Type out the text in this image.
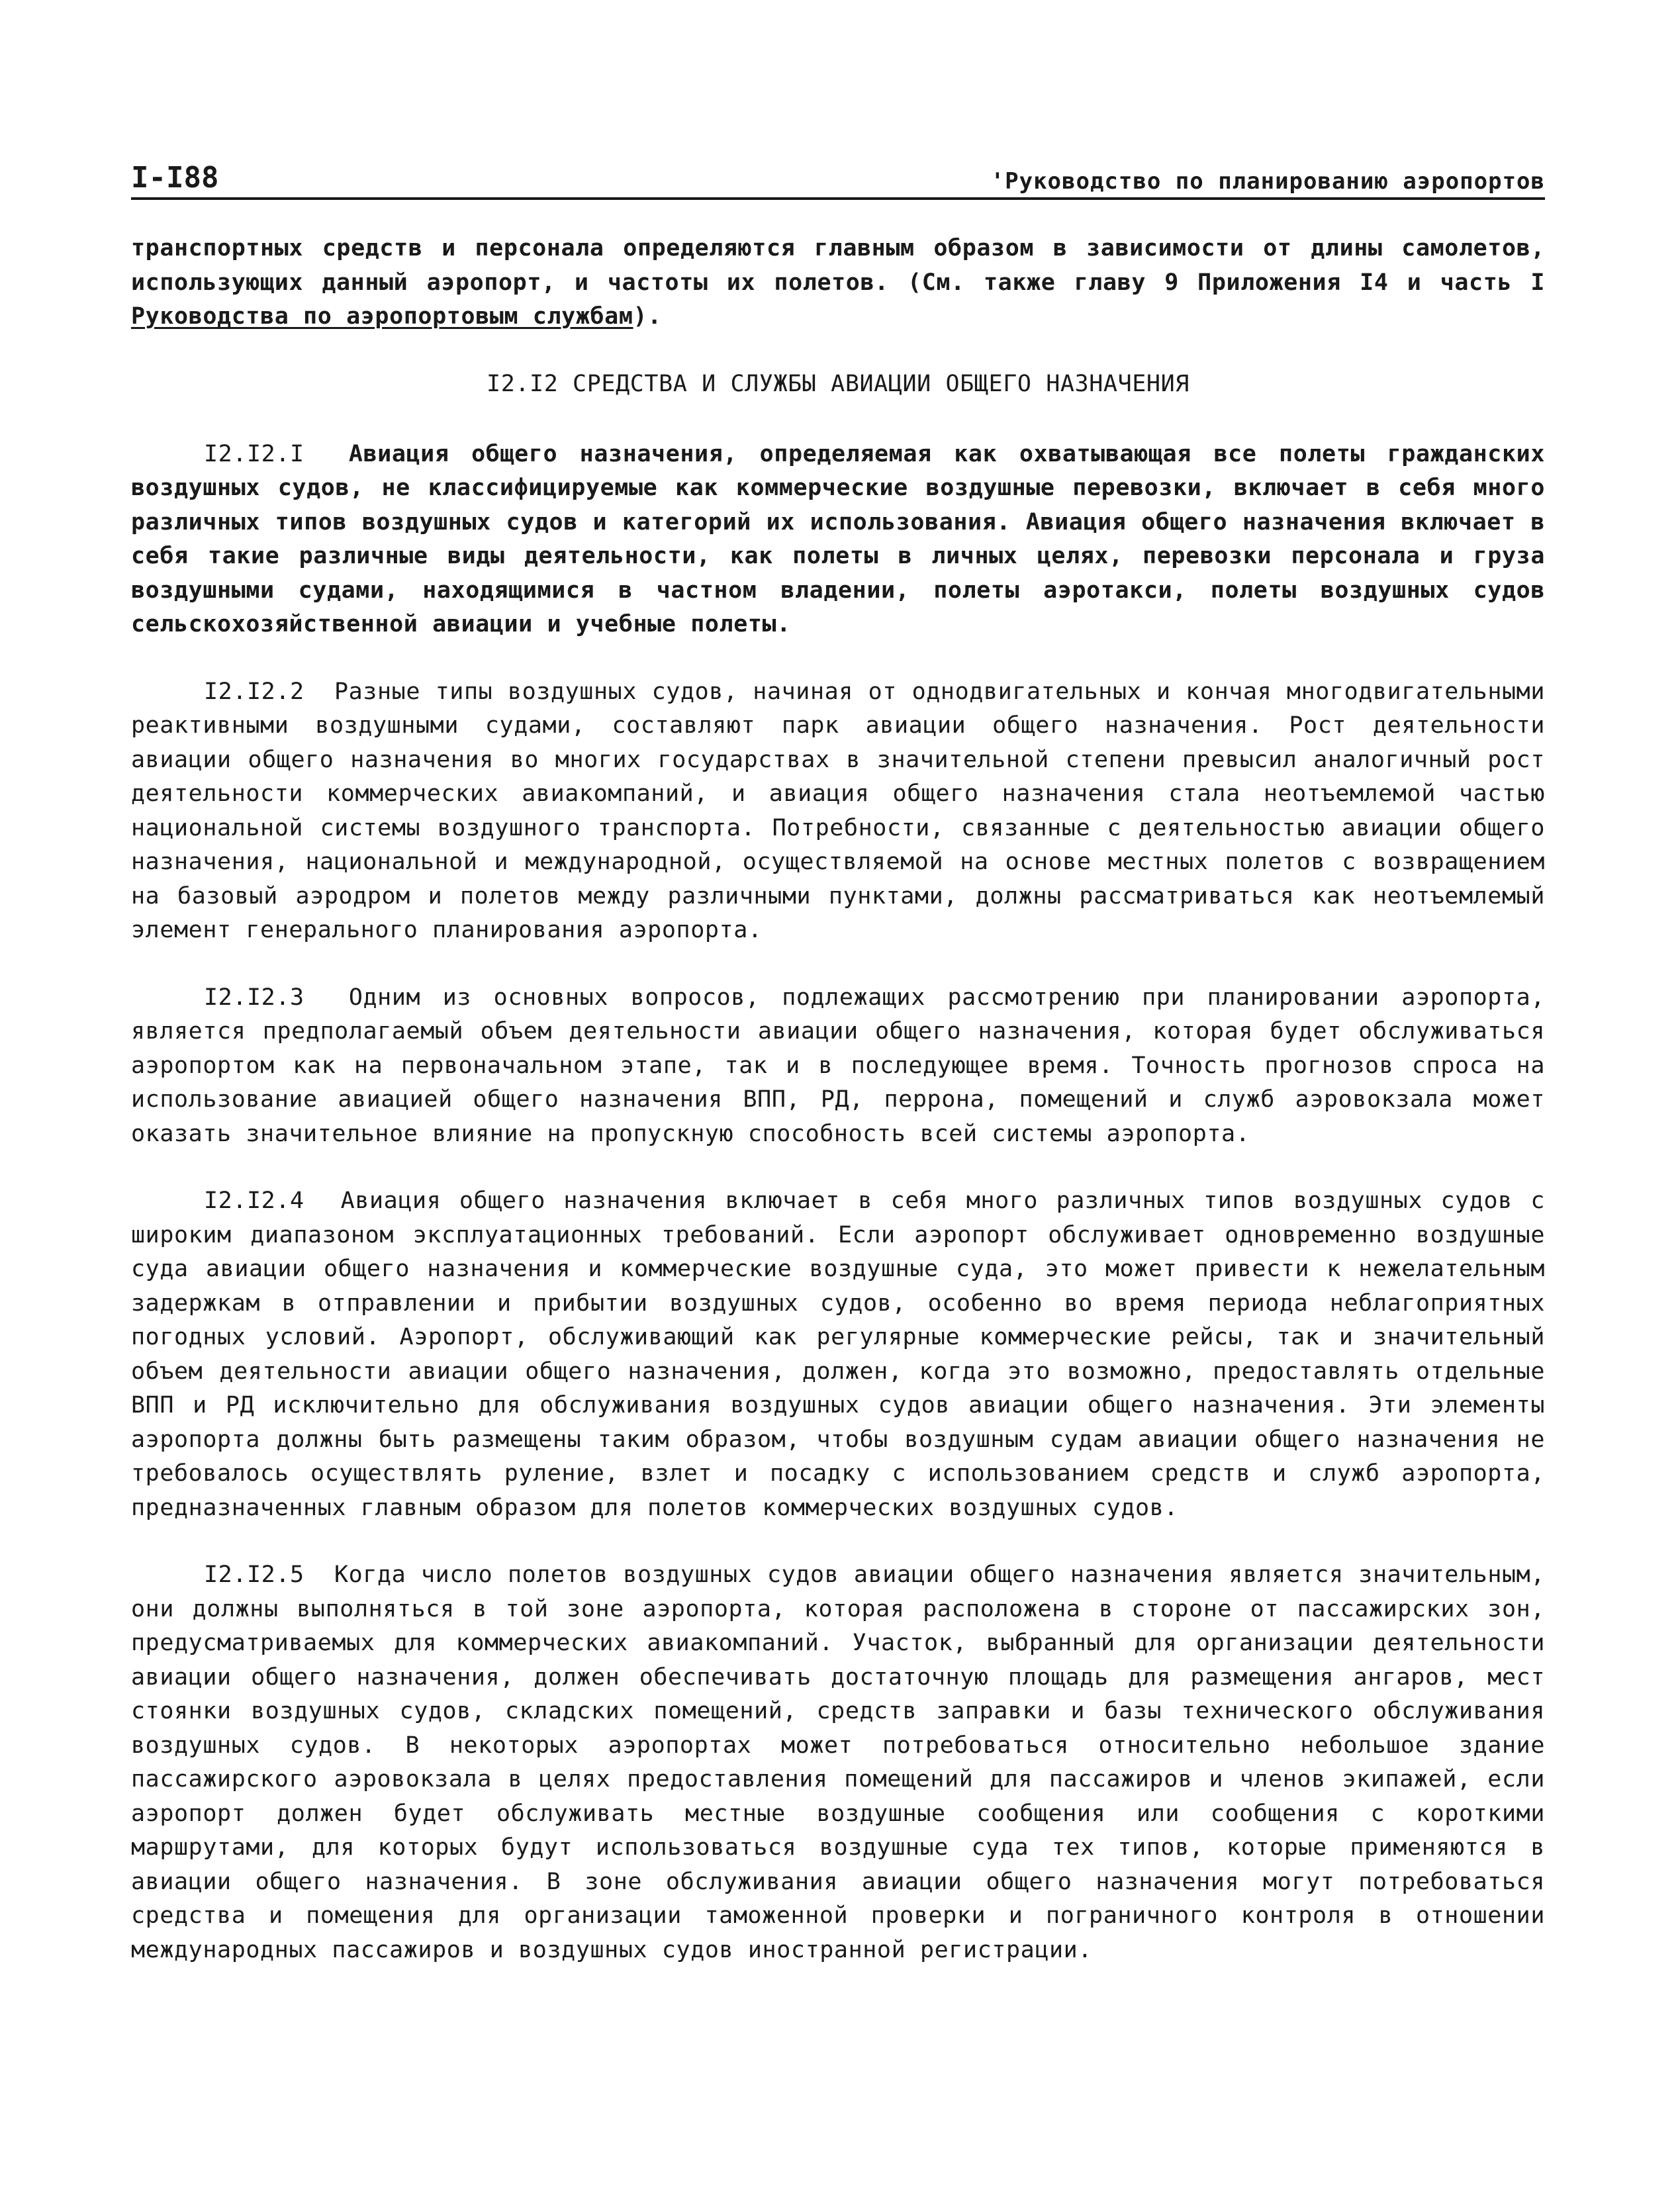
I-I88	'Руководство по планированию аэропортов

транспортных средств и персонала определяются главным образом в зависимости от длины самолетов, использующих данный аэропорт, и частоты их полетов. (См. также главу 9 Приложения I4 и часть I Руководства по аэропортовым службам).

I2.I2 СРЕДСТВА И СЛУЖБЫ АВИАЦИИ ОБЩЕГО НАЗНАЧЕНИЯ

I2.I2.I Авиация общего назначения, определяемая как охватывающая все полеты гражданских воздушных судов, не классифицируемые как коммерческие воздушные перевозки, включает в себя много различных типов воздушных судов и категорий их использования. Авиация общего назначения включает в себя такие различные виды деятельности, как полеты в личных целях, перевозки персонала и груза воздушными судами, находящимися в частном владении, полеты аэротакси, полеты воздушных судов сельскохозяйственной авиации и учебные полеты.

I2.I2.2 Разные типы воздушных судов, начиная от однодвигательных и кончая многодвигательными реактивными воздушными судами, составляют парк авиации общего назначения. Рост деятельности авиации общего назначения во многих государствах в значительной степени превысил аналогичный рост деятельности коммерческих авиакомпаний, и авиация общего назначения стала неотъемлемой частью национальной системы воздушного транспорта. Потребности, связанные с деятельностью авиации общего назначения, национальной и международной, осуществляемой на основе местных полетов с возвращением на базовый аэродром и полетов между различными пунктами, должны рассматриваться как неотъемлемый элемент генерального планирования аэропорта.

I2.I2.3 Одним из основных вопросов, подлежащих рассмотрению при планировании аэропорта, является предполагаемый объем деятельности авиации общего назначения, которая будет обслуживаться аэропортом как на первоначальном этапе, так и в последующее время. Точность прогнозов спроса на использование авиацией общего назначения ВПП, РД, перрона, помещений и служб аэровокзала может оказать значительное влияние на пропускную способность всей системы аэропорта.

I2.I2.4 Авиация общего назначения включает в себя много различных типов воздушных судов с широким диапазоном эксплуатационных требований. Если аэропорт обслуживает одновременно воздушные суда авиации общего назначения и коммерческие воздушные суда, это может привести к нежелательным задержкам в отправлении и прибытии воздушных судов, особенно во время периода неблагоприятных погодных условий. Аэропорт, обслуживающий как регулярные коммерческие рейсы, так и значительный объем деятельности авиации общего назначения, должен, когда это возможно, предоставлять отдельные ВПП и РД исключительно для обслуживания воздушных судов авиации общего назначения. Эти элементы аэропорта должны быть размещены таким образом, чтобы воздушным судам авиации общего назначения не требовалось осуществлять руление, взлет и посадку с использованием средств и служб аэропорта, предназначенных главным образом для полетов коммерческих воздушных судов.

I2.I2.5 Когда число полетов воздушных судов авиации общего назначения является значительным, они должны выполняться в той зоне аэропорта, которая расположена в стороне от пассажирских зон, предусматриваемых для коммерческих авиакомпаний. Участок, выбранный для организации деятельности авиации общего назначения, должен обеспечивать достаточную площадь для размещения ангаров, мест стоянки воздушных судов, складских помещений, средств заправки и базы технического обслуживания воздушных судов. В некоторых аэропортах может потребоваться относительно небольшое здание пассажирского аэровокзала в целях предоставления помещений для пассажиров и членов экипажей, если аэропорт должен будет обслуживать местные воздушные сообщения или сообщения с короткими маршрутами, для которых будут использоваться воздушные суда тех типов, которые применяются в авиации общего назначения. В зоне обслуживания авиации общего назначения могут потребоваться средства и помещения для организации таможенной проверки и пограничного контроля в отношении международных пассажиров и воздушных судов иностранной регистрации.
